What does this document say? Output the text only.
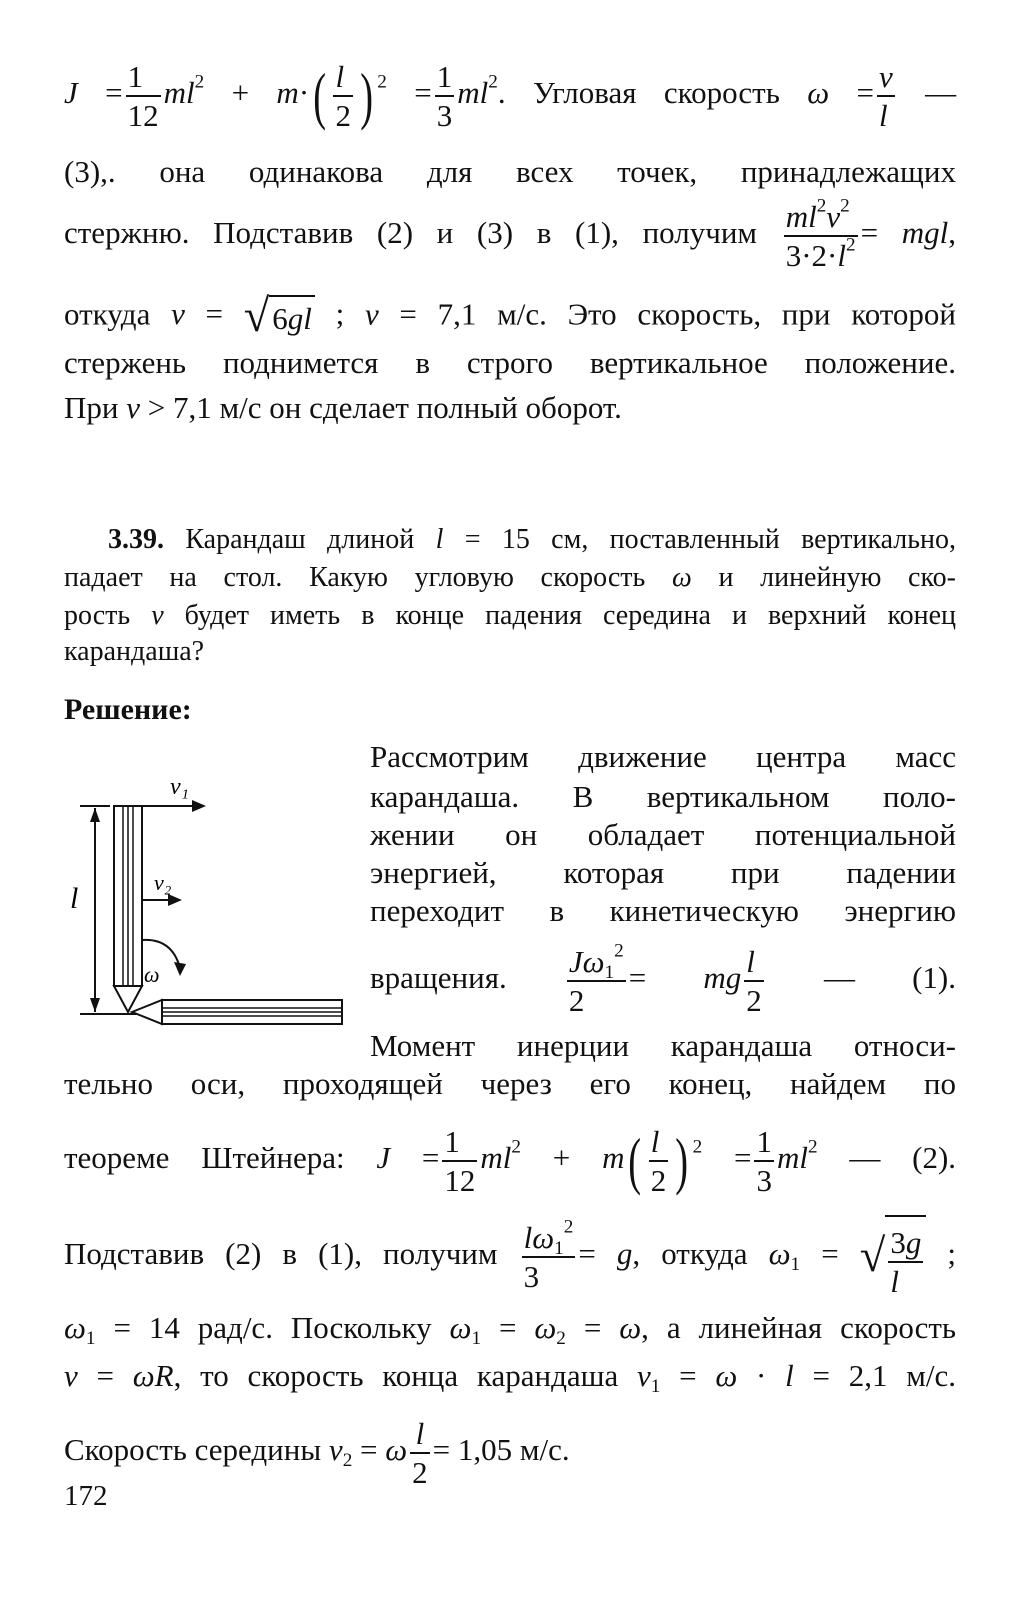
$J = \frac{1}{12} ml^2 + m\cdot( \frac{l}{2}$ ) $^2 = \frac{1}{3} ml^2$. Угловая скорость $\omega = \frac{v}{l}$ —
(3),. она одинакова для всех точек, принадлежащих
стержню. Подставив (2) и (3) в (1), получим $\frac{ml^2v^2}{3\cdot 2\cdot l^2}$ = mgl,
откуда v = √6gl ; v = 7,1 м/с. Это скорость, при которой
стержень поднимется в строго вертикальное положение.
При v > 7,1 м/с он сделает полный оборот.
3.39. Карандаш длиной l = 15 см, поставленный вертикально,
падает на стол. Какую угловую скорость ω и линейную ско-
рость v будет иметь в конце падения середина и верхний конец
карандаша?
Решение:
Рассмотрим движение центра масс
карандаша. В вертикальном поло-
жении он обладает потенциальной
энергией, которая при падении
переходит в кинетическую энергию
вращения. $\frac{J\omega_1^2}{2}$ = mg $\frac{l}{2}$ — (1).
Момент инерции карандаша относи-
тельно оси, проходящей через его конец, найдем по
теореме Штейнера: $J = \frac{1}{12} ml^2 + m( \frac{l}{2}$ ) $^2 = \frac{1}{3} ml^2$ — (2).
Подставив (2) в (1), получим $\frac{l\omega_1^2}{3} = g$, откуда $\omega_1$ = √ $\frac{3g}{l}$ ;
$\omega_1 = 14$ рад/с. Поскольку $\omega_1 = \omega_2 = \omega$, а линейная скорость
v = ωR, то скорость конца карандаша $v_1 = \omega \cdot l = 2,1$ м/с.
Скорость середины $v_2 = \omega \frac{l}{2} = 1,05$ м/с.
v₁
v₂
ω
l
172
